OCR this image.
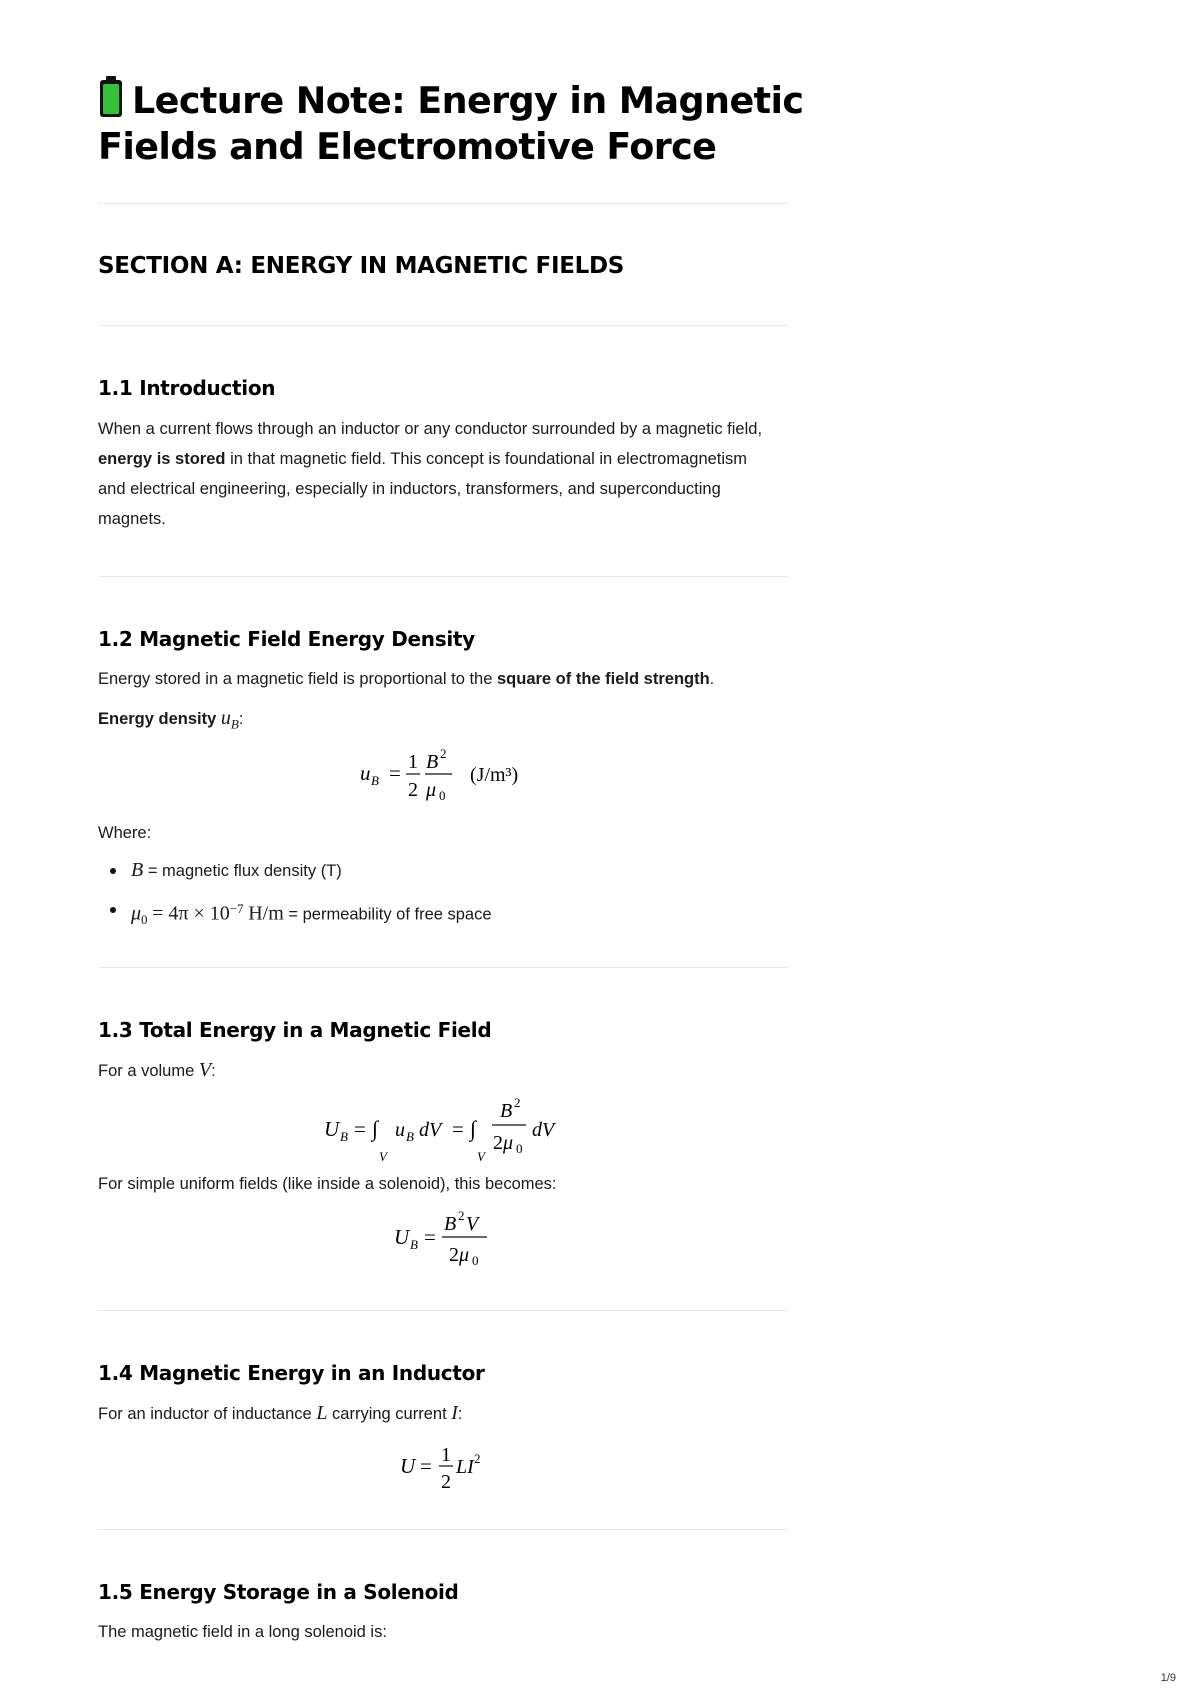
Lecture Note: Energy in Magnetic Fields and Electromotive Force
SECTION A: ENERGY IN MAGNETIC FIELDS
1.1 Introduction

When a current flows through an inductor or any conductor surrounded by a magnetic field, energy is stored in that magnetic field. This concept is foundational in electromagnetism and electrical engineering, especially in inductors, transformers, and superconducting magnets.

1.2 Magnetic Field Energy Density

Energy stored in a magnetic field is proportional to the square of the field strength.

Energy density $u_B$:

u B = 1
2
B 2
μ 0
(J/m³)

Where:

B = magnetic flux density (T)
$\mu_0 = 4\pi \times 10^{-7}$ H/m = permeability of free space
1.3 Total Energy in a Magnetic Field

For a volume V:

U B = ∫
V
u B dV = ∫
V
B 2
2 μ 0
dV

For simple uniform fields (like inside a solenoid), this becomes:

U B =
B 2 V
2 μ 0
1.4 Magnetic Energy in an Inductor

For an inductor of inductance L carrying current I:

U = 1
2
LI 2
1.5 Energy Storage in a Solenoid

The magnetic field in a long solenoid is:

1/9
